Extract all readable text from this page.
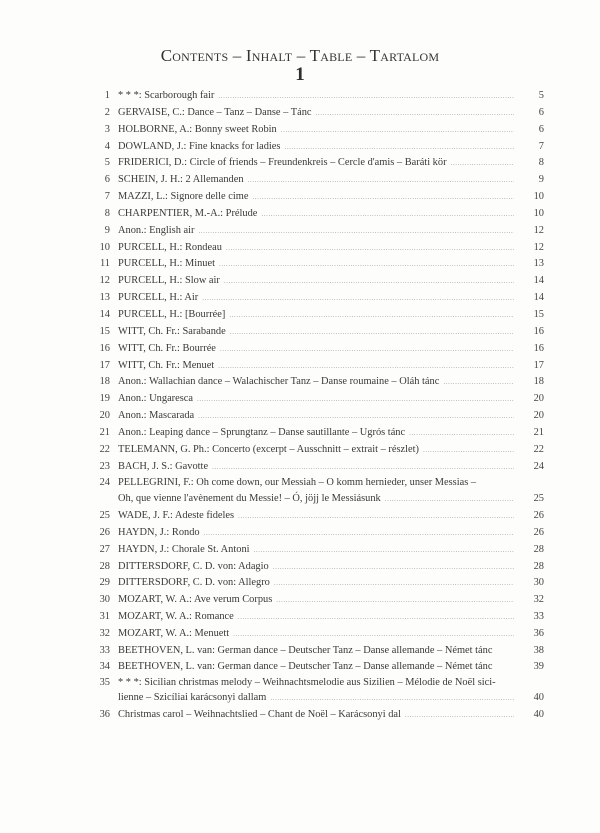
Contents – Inhalt – Table – Tartalom
1
1 * * *: Scarborough fair .....	5
2 GERVAISE, C.: Dance – Tanz – Danse – Tánc .....	6
3 HOLBORNE, A.: Bonny sweet Robin .....	6
4 DOWLAND, J.: Fine knacks for ladies .....	7
5 FRIDERICI, D.: Circle of friends – Freundenkreis – Cercle d'amis – Baráti kör .....	8
6 SCHEIN, J. H.: 2 Allemanden .....	9
7 MAZZI, L.: Signore delle cime .....	10
8 CHARPENTIER, M.-A.: Prélude .....	10
9 Anon.: English air .....	12
10 PURCELL, H.: Rondeau .....	12
11 PURCELL, H.: Minuet .....	13
12 PURCELL, H.: Slow air .....	14
13 PURCELL, H.: Air .....	14
14 PURCELL, H.: [Bourrée] .....	15
15 WITT, Ch. Fr.: Sarabande .....	16
16 WITT, Ch. Fr.: Bourrée .....	16
17 WITT, Ch. Fr.: Menuet .....	17
18 Anon.: Wallachian dance – Walachischer Tanz – Danse roumaine – Oláh tánc .....	18
19 Anon.: Ungaresca .....	20
20 Anon.: Mascarada .....	20
21 Anon.: Leaping dance – Sprungtanz – Danse sautillante – Ugrós tánc .....	21
22 TELEMANN, G. Ph.: Concerto (excerpt – Ausschnitt – extrait – részlet) .....	22
23 BACH, J. S.: Gavotte .....	24
24 PELLEGRINI, F.: Oh come down, our Messiah – O komm hernieder, unser Messias –
Oh, que vienne l'avènement du Messie! – Ó, jöjj le Messiásunk .....	25
25 WADE, J. F.: Adeste fideles .....	26
26 HAYDN, J.: Rondo .....	26
27 HAYDN, J.: Chorale St. Antoni .....	28
28 DITTERSDORF, C. D. von: Adagio .....	28
29 DITTERSDORF, C. D. von: Allegro .....	30
30 MOZART, W. A.: Ave verum Corpus .....	32
31 MOZART, W. A.: Romance .....	33
32 MOZART, W. A.: Menuett .....	36
33 BEETHOVEN, L. van: German dance – Deutscher Tanz – Danse allemande – Német tánc	38
34 BEETHOVEN, L. van: German dance – Deutscher Tanz – Danse allemande – Német tánc	39
35 * * *: Sicilian christmas melody – Weihnachtsmelodie aus Sizilien – Mélodie de Noël sici-
lienne – Szicíliai karácsonyi dallam .....	40
36 Christmas carol – Weihnachtslied – Chant de Noël – Karácsonyi dal .....	40
